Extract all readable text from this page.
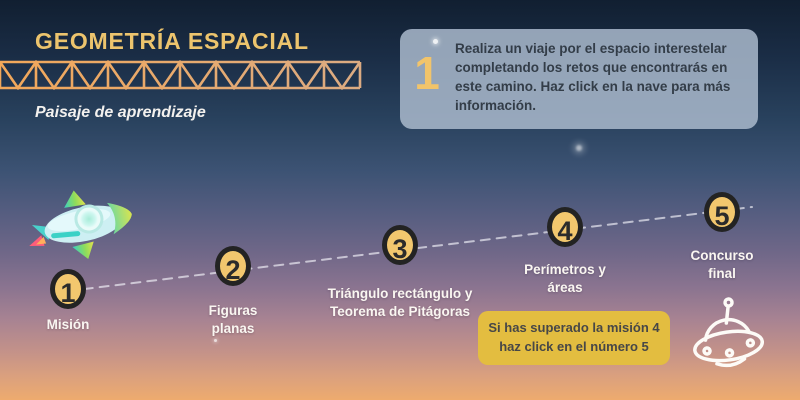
GEOMETRÍA ESPACIAL
Paisaje de aprendizaje
1 Realiza un viaje por el espacio interestelar completando los retos que encontrarás en este camino. Haz click en la nave para más información.

1
Misión
2
Figuras planas
3
Triángulo rectángulo y Teorema de Pitágoras
4
Perímetros y áreas
5
Concurso final
Si has superado la misión 4 haz click en el número 5
